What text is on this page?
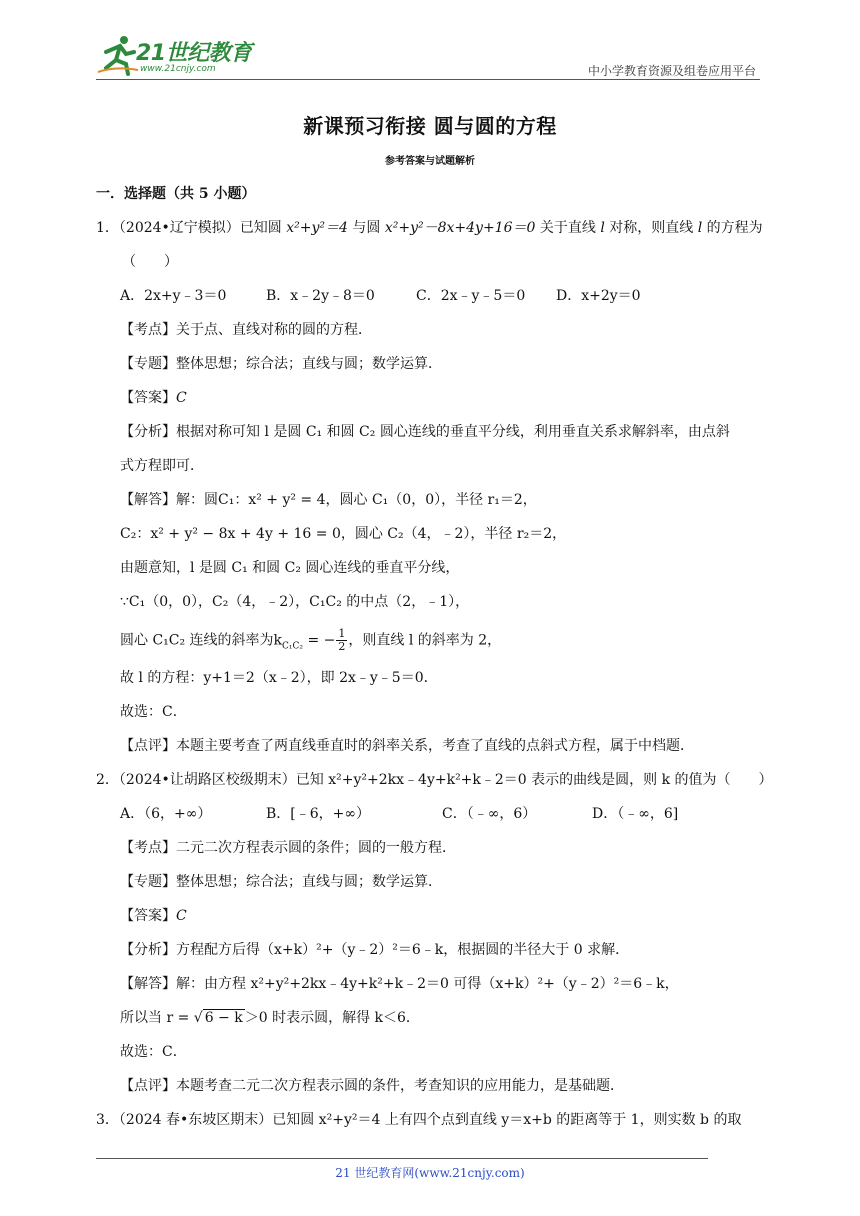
21世纪教育
www.21cnjy.com	中小学教育资源及组卷应用平台
新课预习衔接 圆与圆的方程
参考答案与试题解析
一．选择题（共 5 小题）
1．（2024•辽宁模拟）已知圆 x²+y²＝4 与圆 x²+y²－8x+4y+16＝0 关于直线 l 对称，则直线 l 的方程为
（　　）
A．2x+y﹣3＝0	B．x﹣2y﹣8＝0	C．2x﹣y﹣5＝0 D．x+2y＝0
【考点】关于点、直线对称的圆的方程．
【专题】整体思想；综合法；直线与圆；数学运算．
【答案】C
【分析】根据对称可知 l 是圆 C₁ 和圆 C₂ 圆心连线的垂直平分线，利用垂直关系求解斜率，由点斜
式方程即可．
【解答】解：圆C₁：x² + y² = 4，圆心 C₁（0，0），半径 r₁＝2，
C₂：x² + y² − 8x + 4y + 16 = 0，圆心 C₂（4，﹣2），半径 r₂＝2，
由题意知，l 是圆 C₁ 和圆 C₂ 圆心连线的垂直平分线，
∵C₁（0，0），C₂（4，﹣2），C₁C₂ 的中点（2，﹣1），
圆心 C₁C₂ 连线的斜率为$k_{C_1C_2}$ = − $\frac{1}{2}$ ，则直线 l 的斜率为 2，
故 l 的方程：y+1＝2（x﹣2），即 2x﹣y﹣5＝0．
故选：C．
【点评】本题主要考查了两直线垂直时的斜率关系，考查了直线的点斜式方程，属于中档题．
2．（2024•让胡路区校级期末）已知 x²+y²+2kx﹣4y+k²+k﹣2＝0 表示的曲线是圆，则 k 的值为（　　）
A．（6，+∞）	B．[﹣6，+∞）	C．（﹣∞，6）	D．（﹣∞，6]
【考点】二元二次方程表示圆的条件；圆的一般方程．
【专题】整体思想；综合法；直线与圆；数学运算．
【答案】C
【分析】方程配方后得（x+k）²+（y﹣2）²＝6﹣k，根据圆的半径大于 0 求解．
【解答】解：由方程 x²+y²+2kx﹣4y+k²+k﹣2＝0 可得（x+k）²+（y﹣2）²＝6﹣k，
所以当 r = √ 6 − k ＞0 时表示圆，解得 k＜6．
故选：C．
【点评】本题考查二元二次方程表示圆的条件，考查知识的应用能力，是基础题．
3．（2024 春•东坡区期末）已知圆 x²+y²＝4 上有四个点到直线 y＝x+b 的距离等于 1，则实数 b 的取
21 世纪教育网(www.21cnjy.com)
